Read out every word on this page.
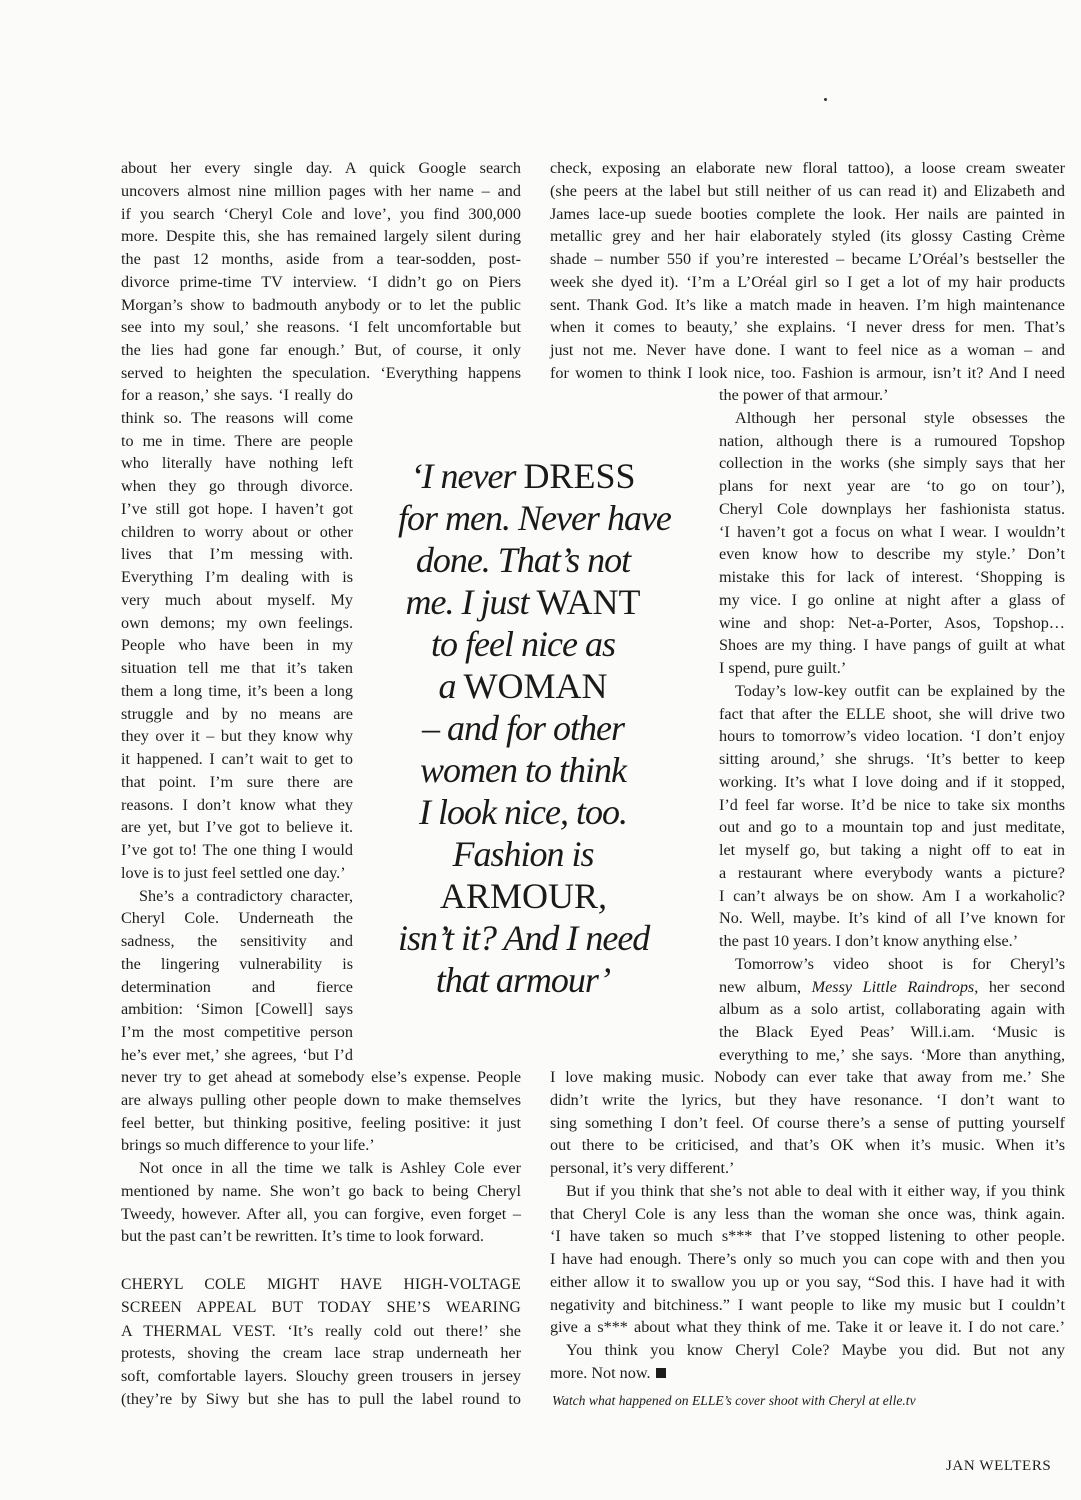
about her every single day. A quick Google search

uncovers almost nine million pages with her name – and

if you search ‘Cheryl Cole and love’, you find 300,000

more. Despite this, she has remained largely silent during

the past 12 months, aside from a tear-sodden, post-

divorce prime-time TV interview. ‘I didn’t go on Piers

Morgan’s show to badmouth anybody or to let the public

see into my soul,’ she reasons. ‘I felt uncomfortable but

the lies had gone far enough.’ But, of course, it only

served to heighten the speculation. ‘Everything happens

for a reason,’ she says. ‘I really do

think so. The reasons will come

to me in time. There are people

who literally have nothing left

when they go through divorce.

I’ve still got hope. I haven’t got

children to worry about or other

lives that I’m messing with.

Everything I’m dealing with is

very much about myself. My

own demons; my own feelings.

People who have been in my

situation tell me that it’s taken

them a long time, it’s been a long

struggle and by no means are

they over it – but they know why

it happened. I can’t wait to get to

that point. I’m sure there are

reasons. I don’t know what they

are yet, but I’ve got to believe it.

I’ve got to! The one thing I would

love is to just feel settled one day.’

She’s a contradictory character,

Cheryl Cole. Underneath the

sadness, the sensitivity and

the lingering vulnerability is

determination and fierce

ambition: ‘Simon [Cowell] says

I’m the most competitive person

he’s ever met,’ she agrees, ‘but I’d

never try to get ahead at somebody else’s expense. People

are always pulling other people down to make themselves

feel better, but thinking positive, feeling positive: it just

brings so much difference to your life.’

Not once in all the time we talk is Ashley Cole ever

mentioned by name. She won’t go back to being Cheryl

Tweedy, however. After all, you can forgive, even forget –

but the past can’t be rewritten. It’s time to look forward.

CHERYL COLE MIGHT HAVE HIGH-VOLTAGE

SCREEN APPEAL BUT TODAY SHE’S WEARING

A THERMAL VEST. ‘It’s really cold out there!’ she

protests, shoving the cream lace strap underneath her

soft, comfortable layers. Slouchy green trousers in jersey

(they’re by Siwy but she has to pull the label round to

check, exposing an elaborate new floral tattoo), a loose cream sweater

(she peers at the label but still neither of us can read it) and Elizabeth and

James lace-up suede booties complete the look. Her nails are painted in

metallic grey and her hair elaborately styled (its glossy Casting Crème

shade – number 550 if you’re interested – became L’Oréal’s bestseller the

week she dyed it). ‘I’m a L’Oréal girl so I get a lot of my hair products

sent. Thank God. It’s like a match made in heaven. I’m high maintenance

when it comes to beauty,’ she explains. ‘I never dress for men. That’s

just not me. Never have done. I want to feel nice as a woman – and

for women to think I look nice, too. Fashion is armour, isn’t it? And I need

the power of that armour.’

Although her personal style obsesses the

nation, although there is a rumoured Topshop

collection in the works (she simply says that her

plans for next year are ‘to go on tour’),

Cheryl Cole downplays her fashionista status.

‘I haven’t got a focus on what I wear. I wouldn’t

even know how to describe my style.’ Don’t

mistake this for lack of interest. ‘Shopping is

my vice. I go online at night after a glass of

wine and shop: Net-a-Porter, Asos, Topshop…

Shoes are my thing. I have pangs of guilt at what

I spend, pure guilt.’

Today’s low-key outfit can be explained by the

fact that after the ELLE shoot, she will drive two

hours to tomorrow’s video location. ‘I don’t enjoy

sitting around,’ she shrugs. ‘It’s better to keep

working. It’s what I love doing and if it stopped,

I’d feel far worse. It’d be nice to take six months

out and go to a mountain top and just meditate,

let myself go, but taking a night off to eat in

a restaurant where everybody wants a picture?

I can’t always be on show. Am I a workaholic?

No. Well, maybe. It’s kind of all I’ve known for

the past 10 years. I don’t know anything else.’

Tomorrow’s video shoot is for Cheryl’s

new album, Messy Little Raindrops, her second

album as a solo artist, collaborating again with

the Black Eyed Peas’ Will.i.am. ‘Music is

everything to me,’ she says. ‘More than anything,

I love making music. Nobody can ever take that away from me.’ She

didn’t write the lyrics, but they have resonance. ‘I don’t want to

sing something I don’t feel. Of course there’s a sense of putting yourself

out there to be criticised, and that’s OK when it’s music. When it’s

personal, it’s very different.’

But if you think that she’s not able to deal with it either way, if you think

that Cheryl Cole is any less than the woman she once was, think again.

‘I have taken so much s*** that I’ve stopped listening to other people.

I have had enough. There’s only so much you can cope with and then you

either allow it to swallow you up or you say, “Sod this. I have had it with

negativity and bitchiness.” I want people to like my music but I couldn’t

give a s*** about what they think of me. Take it or leave it. I do not care.’

You think you know Cheryl Cole? Maybe you did. But not any

more. Not now.

‘I never DRESS
for men. Never have
done. That’s not
me. I just WANT
to feel nice as
a WOMAN
– and for other
women to think
I look nice, too.
Fashion is
ARMOUR,
isn’t it? And I need
that armour’

Watch what happened on ELLE’s cover shoot with Cheryl at elle.tv

JAN WELTERS
